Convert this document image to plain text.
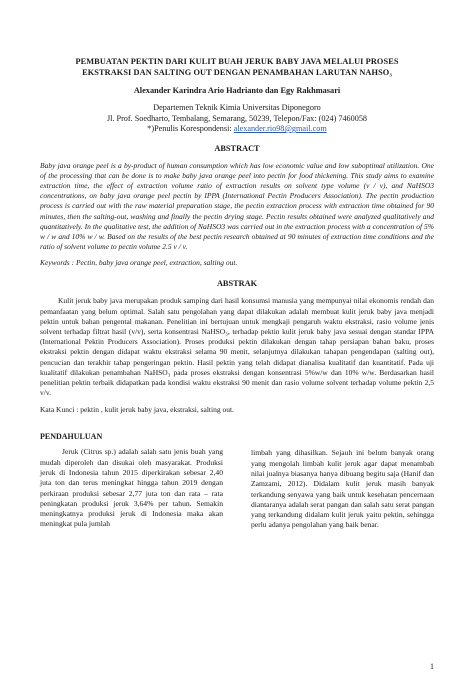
PEMBUATAN PEKTIN DARI KULIT BUAH JERUK BABY JAVA MELALUI PROSES
EKSTRAKSI DAN SALTING OUT DENGAN PENAMBAHAN LARUTAN NAHSO₃
Alexander Karindra Ario Hadrianto dan Egy Rakhmasari
Departemen Teknik Kimia Universitas Diponegoro
Jl. Prof. Soedharto, Tembalang, Semarang, 50239, Telepon/Fax: (024) 7460058
*)Penulis Korespondensi: alexander.rio98@gmail.com
ABSTRACT
Baby java orange peel is a by-product of human consumption which has low economic value and low suboptimal utilization. One of the processing that can be done is to make baby java orange peel into pectin for food thickening. This study aims to examine extraction time, the effect of extraction volume ratio of extraction results on solvent type volume (v / v), and NaHSO3 concentrations, on baby java orange peel pectin by IPPA (International Pectin Producers Association). The pectin production process is carried out with the raw material preparation stage, the pectin extraction process with extraction time obtained for 90 minutes, then the salting-out, washing and finally the pectin drying stage. Pectin results obtained were analyzed qualitatively and quantitatively. In the qualitative test, the addition of NaHSO3 was carried out in the extraction process with a concentration of 5% w / w and 10% w / w. Based on the results of the best pectin research obtained at 90 minutes of extraction time conditions and the ratio of solvent volume to pectin volume 2.5 v / v.
Keywords : Pectin, baby java orange peel, extraction, salting out.
ABSTRAK
Kulit jeruk baby java merupakan produk samping dari hasil konsumsi manusia yang mempunyai nilai ekonomis rendah dan pemanfaatan yang belum optimal. Salah satu pengolahan yang dapat dilakukan adalah membuat kulit jeruk baby java menjadi pektin untuk bahan pengental makanan. Penelitian ini bertujuan untuk mengkaji pengaruh waktu ekstraksi, rasio volume jenis solvent terhadap filtrat hasil (v/v), serta konsentrasi NaHSO₃, terhadap pektin kulit jeruk baby java sesuai dengan standar IPPA (International Pektin Producers Association). Proses produksi pektin dilakukan dengan tahap persiapan bahan baku, proses ekstraksi pektin dengan didapat waktu ekstraksi selama 90 menit, selanjutnya dilakukan tahapan pengendapan (salting out), pencucian dan terakhir tahap pengeringan pektin. Hasil pektin yang telah didapat dianalisa kualitatif dan kuantitatif. Pada uji kualitatif dilakukan penambahan NaHSO₃ pada proses ekstraksi dengan konsentrasi 5%w/w dan 10% w/w. Berdasarkan hasil penelitian pektin terbaik didapatkan pada kondisi waktu ekstraksi 90 menit dan rasio volume solvent terhadap volume pektin 2,5 v/v.
Kata Kunci : pektin , kulit jeruk baby java, ekstraksi, salting out.
PENDAHULUAN
Jeruk (Citrus sp.) adalah salah satu jenis buah yang mudah diperoleh dan disukai oleh masyarakat. Produksi jeruk di Indonesia tahun 2015 diperkirakan sebesar 2,40 juta ton dan terus meningkat hingga tahun 2019 dengan perkiraan produksi sebesar 2,77 juta ton dan rata – rata peningkatan produksi jeruk 3,64% per tahun. Semakin meningkatnya produksi jeruk di Indonesia maka akan meningkat pula jumlah
limbah yang dihasilkan. Sejauh ini belum banyak orang yang mengolah limbah kulit jeruk agar dapat menambah nilai jualnya biasanya hanya dibuang begitu saja (Hanif dan Zamzami, 2012). Didalam kulit jeruk masih banyak terkandung senyawa yang baik untuk kesehatan pencernaan diantaranya adalah serat pangan dan salah satu serat pangan yang terkandung didalam kulit jeruk yaitu pektin, sehingga perlu adanya pengolahan yang baik benar.
1
